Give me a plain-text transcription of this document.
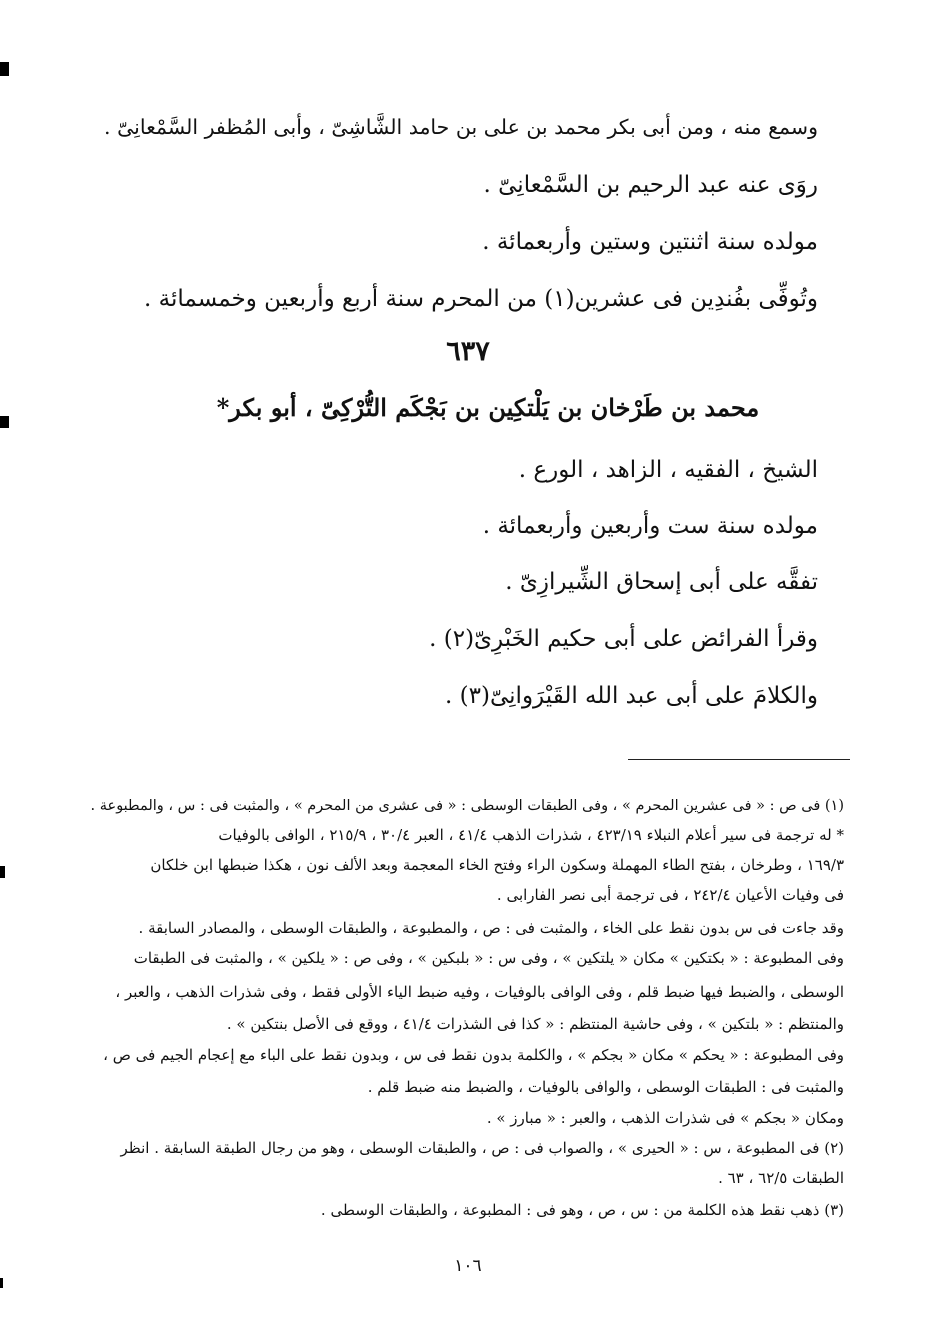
وسمع منه ، ومن أبى بكر محمد بن على بن حامد الشَّاشِىّ ، وأبى المُظفر السَّمْعانِىّ .
روَى عنه عبد الرحيم بن السَّمْعانِىّ .
مولده سنة اثنتين وستين وأربعمائة .
وتُوفِّى بفُندِين فى عشرين(١) من المحرم سنة أربع وأربعين وخمسمائة .
٦٣٧
محمد بن طَرْخان بن يَلْتكِين بن بَجْكَم التُّرْكِىّ ، أبو بكر*
الشيخ ، الفقيه ، الزاهد ، الورع .
مولده سنة ست وأربعين وأربعمائة .
تفقَّه على أبى إسحاق الشِّيرازِىّ .
وقرأ الفرائض على أبى حكيم الخَبْرِىّ(٢) .
والكلامَ على أبى عبد الله القَيْرَوانِىّ(٣) .
(١) فى ص : « فى عشرين المحرم » ، وفى الطبقات الوسطى : « فى عشرى من المحرم » ، والمثبت فى : س ، والمطبوعة .
* له ترجمة فى سير أعلام النبلاء ٤٢٣/١٩ ، شذرات الذهب ٤١/٤ ، العبر ٣٠/٤ ، ٢١٥/٩ ، الوافى بالوفيات
١٦٩/٣ ، وطرخان ، بفتح الطاء المهملة وسكون الراء وفتح الخاء المعجمة وبعد الألف نون ، هكذا ضبطها ابن خلكان
فى وفيات الأعيان ٢٤٢/٤ ، فى ترجمة أبى نصر الفارابى .
وقد جاءت فى س بدون نقط على الخاء ، والمثبت فى : ص ، والمطبوعة ، والطبقات الوسطى ، والمصادر السابقة .
وفى المطبوعة : « بكتكين » مكان « يلتكين » ، وفى س : « بلبكين » ، وفى ص : « يلكين » ، والمثبت فى الطبقات
الوسطى ، والضبط فيها ضبط قلم ، وفى الوافى بالوفيات ، وفيه ضبط الياء الأولى فقط ، وفى شذرات الذهب ، والعبر ،
والمنتظم : « بلتكين » ، وفى حاشية المنتظم : « كذا فى الشذرات ٤١/٤ ، ووقع فى الأصل بنتكين » .
وفى المطبوعة : « يحكم » مكان « بجكم » ، والكلمة بدون نقط فى س ، وبدون نقط على الباء مع إعجام الجيم فى ص ،
والمثبت فى : الطبقات الوسطى ، والوافى بالوفيات ، والضبط منه ضبط قلم .
ومكان « بجكم » فى شذرات الذهب ، والعبر : « مبارز » .
(٢) فى المطبوعة ، س : « الحيرى » ، والصواب فى : ص ، والطبقات الوسطى ، وهو من رجال الطبقة السابقة . انظر
الطبقات ٦٢/٥ ، ٦٣ .
(٣) ذهب نقط هذه الكلمة من : س ، ص ، وهو فى : المطبوعة ، والطبقات الوسطى .
١٠٦
